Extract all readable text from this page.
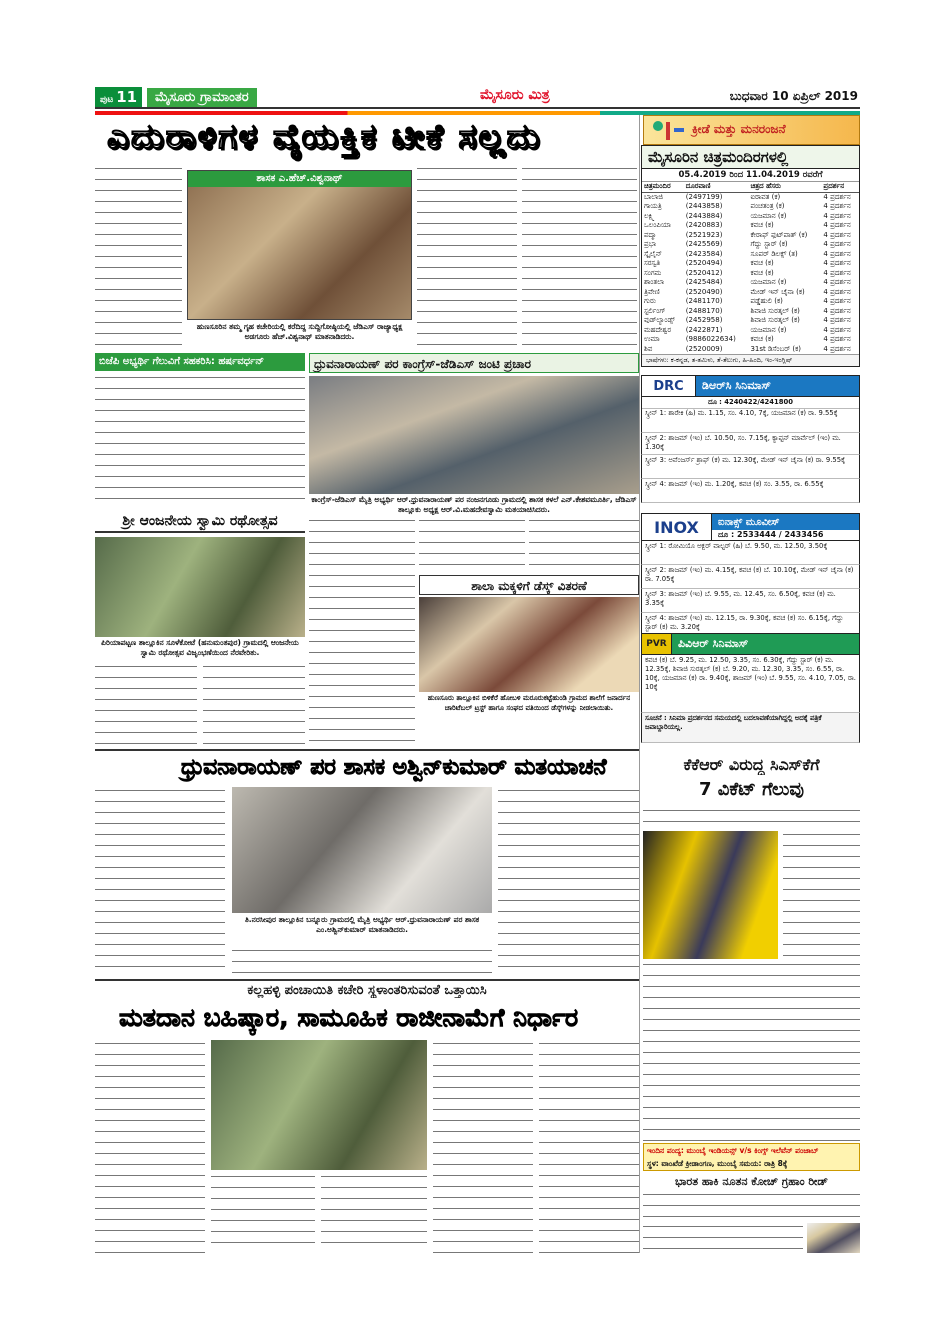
ಪುಟ 11	ಮೈಸೂರು ಗ್ರಾಮಾಂತರ	ಮೈಸೂರು ಮಿತ್ರ	ಬುಧವಾರ 10 ಏಪ್ರಿಲ್ 2019
ಎದುರಾಳಿಗಳ ವೈಯಕ್ತಿಕ ಟೀಕೆ ಸಲ್ಲದು	ಕ್ರೀಡೆ ಮತ್ತು ಮನರಂಜನೆ
ಮೈಸೂರಿನ ಚಿತ್ರಮಂದಿರಗಳಲ್ಲಿ
05.4.2019 ರಿಂದ 11.04.2019 ರವರೆಗೆ
ಚಿತ್ರಮಂದಿರ	ದೂರವಾಣಿ	ಚಿತ್ರದ ಹೆಸರು	ಪ್ರದರ್ಶನ
ಬಾಲಾಜಿ	(2497199)	ಐರಾವತ (ಕ)	4 ಪ್ರದರ್ಶನ
ಗಾಯತ್ರಿ	(2443858)	ಪಂಚತಂತ್ರ (ಕ)	4 ಪ್ರದರ್ಶನ
ಲಕ್ಷ್ಮಿ	(2443884)	ಯಜಮಾನ (ಕ)	4 ಪ್ರದರ್ಶನ
ಒಲಂಪಿಯಾ	(2420883)	ಕವಚ (ಕ)	4 ಪ್ರದರ್ಶನ
ಪದ್ಮಾ	(2521923)	ಕೇರಾಫ್ ಫುಟ್‌ಪಾತ್ (ಕ)	4 ಪ್ರದರ್ಶನ
ಪ್ರಭಾ	(2425569)	ಗೆದ್ದು ಸ್ಟಾರ್ (ಕ)	4 ಪ್ರದರ್ಶನ
ಸ್ಕೈಲೈನ್	(2423584)	ಸೂಪರ್ ಡಿಲಕ್ಸ್ (ತ)	4 ಪ್ರದರ್ಶನ
ಸರಸ್ವತಿ	(2520494)	ಕವಚ (ಕ)	4 ಪ್ರದರ್ಶನ
ಸಂಗಮ	(2520412)	ಕವಚ (ಕ)	4 ಪ್ರದರ್ಶನ
ಶಾಂತಲಾ	(2425484)	ಯಜಮಾನ (ಕ)	4 ಪ್ರದರ್ಶನ
ತ್ರಿವೇಣಿ	(2520490)	ಮೇಡ್ ಇನ್ ಚೈನಾ (ಕ)	4 ಪ್ರದರ್ಶನ
ಗುರು	(2481170)	ಪಡ್ಡೆಹುಲಿ (ಕ)	4 ಪ್ರದರ್ಶನ
ಸ್ಟರ್ಲಿಂಗ್	(2488170)	ಶಿವಾಜಿ ಸುರತ್ಕಲ್ (ಕ)	4 ಪ್ರದರ್ಶನ
ವುಡ್‌ಲ್ಯಾಂಡ್ಸ್	(2452958)	ಶಿವಾಜಿ ಸುರತ್ಕಲ್ (ಕ)	4 ಪ್ರದರ್ಶನ
ಮಹದೇಶ್ವರ	(2422871)	ಯಜಮಾನ (ಕ)	4 ಪ್ರದರ್ಶನ
ಉಮಾ	(9886022634)	ಕವಚ (ಕ)	4 ಪ್ರದರ್ಶನ
ಶಿವ	(2520009)	31st ಡಿಸೆಂಬರ್ (ಕ)	4 ಪ್ರದರ್ಶನ
ಭಾಷೆಗಳು: ಕ-ಕನ್ನಡ, ತ-ತಮಿಳು, ತೆ-ತೆಲುಗು, ಹಿ-ಹಿಂದಿ, ಇಂ-ಇಂಗ್ಲಿಷ್
DRC	ಡಿಆರ್‌ಸಿ ಸಿನಿಮಾಸ್
ದೂ : 4240422/4241800
ಸ್ಕ್ರೀನ್ 1: ಶಾರೇಕಿ (ಹಿ) ಮ. 1.15, ಸಂ. 4.10, 7ಕ್ಕೆ, ಯಜಮಾನ (ಕ) ರಾ. 9.55ಕ್ಕೆ
ಸ್ಕ್ರೀನ್ 2: ಶಾಜಮ್ (ಇಂ) ಬೆ. 10.50, ಸಂ. 7.15ಕ್ಕೆ, ಕ್ಯಾಪ್ಟನ್ ಮಾರ್ವೆಲ್ (ಇಂ) ಮ. 1.30ಕ್ಕೆ
ಸ್ಕ್ರೀನ್ 3: ಅವೆಂಜರ್ಸ್ ಶ್ರಾಫ್ (ಕ) ಮ. 12.30ಕ್ಕೆ, ಮೇಡ್ ಇನ್ ಚೈನಾ (ಕ) ರಾ. 9.55ಕ್ಕೆ
ಸ್ಕ್ರೀನ್ 4: ಶಾಜಮ್ (ಇಂ) ಮ. 1.20ಕ್ಕೆ, ಕವಚ (ಕ) ಸಂ. 3.55, ರಾ. 6.55ಕ್ಕೆ
INOX	ಐನಾಕ್ಸ್ ಮೂವೀಸ್
ದೂ : 2533444 / 2433456
ಸ್ಕ್ರೀನ್ 1: ರೋಮಿಯೊ ಅಕ್ಬರ್ ವಾಲ್ಟರ್ (ಹಿ) ಬೆ. 9.50, ಮ. 12.50, 3.50ಕ್ಕೆ
ಸ್ಕ್ರೀನ್ 2: ಶಾಜಮ್ (ಇಂ) ಮ. 4.15ಕ್ಕೆ, ಕವಚ (ಕ) ಬೆ. 10.10ಕ್ಕೆ, ಮೇಡ್ ಇನ್ ಚೈನಾ (ಕ) ರಾ. 7.05ಕ್ಕೆ
ಸ್ಕ್ರೀನ್ 3: ಶಾಜಮ್ (ಇಂ) ಬೆ. 9.55, ಮ. 12.45, ಸಂ. 6.50ಕ್ಕೆ, ಕವಚ (ಕ) ಮ. 3.35ಕ್ಕೆ
ಸ್ಕ್ರೀನ್ 4: ಶಾಜಮ್ (ಇಂ) ಮ. 12.15, ರಾ. 9.30ಕ್ಕೆ, ಕವಚ (ಕ) ಸಂ. 6.15ಕ್ಕೆ, ಗೆದ್ದು ಸ್ಟಾರ್ (ಕ) ಮ. 3.20ಕ್ಕೆ
PVR	ಪಿವಿಆರ್ ಸಿನಿಮಾಸ್
ಕವಚ (ಕ) ಬೆ. 9.25, ಮ. 12.50, 3.35, ಸಂ. 6.30ಕ್ಕೆ, ಗೆದ್ದು ಸ್ಟಾರ್ (ಕ) ಮ. 12.35ಕ್ಕೆ, ಶಿವಾಜಿ ಸುರತ್ಕಲ್ (ಕ) ಬೆ. 9.20, ಮ. 12.30, 3.35, ಸಂ. 6.55, ರಾ. 10ಕ್ಕೆ, ಯಜಮಾನ (ಕ) ರಾ. 9.40ಕ್ಕೆ, ಶಾಜಮ್ (ಇಂ) ಬೆ. 9.55, ಸಂ. 4.10, 7.05, ರಾ. 10ಕ್ಕೆ
ಸೂಚನೆ : ಸಿನಿಮಾ ಪ್ರದರ್ಶನದ ಸಮಯದಲ್ಲಿ ಬದಲಾವಣೆಯಾಗಿದ್ದಲ್ಲಿ ಅದಕ್ಕೆ ಪತ್ರಿಕೆ ಜವಾಬ್ದಾರಿಯಲ್ಲ.
ಶಾಸಕ ಎ.ಹೆಚ್.ವಿಶ್ವನಾಥ್
ಹುಣಸೂರಿನ ತಮ್ಮ ಗೃಹ ಕಚೇರಿಯಲ್ಲಿ ಕರೆದಿದ್ದ ಸುದ್ದಿಗೋಷ್ಠಿಯಲ್ಲಿ ಜೆಡಿಎಸ್ ರಾಜ್ಯಾಧ್ಯಕ್ಷ ಅಡಗೂರು ಹೆಚ್.ವಿಶ್ವನಾಥ್ ಮಾತನಾಡಿದರು.
ಬಿಜೆಪಿ ಅಭ್ಯರ್ಥಿ ಗೆಲುವಿಗೆ ಸಹಕರಿಸಿ: ಹರ್ಷವರ್ಧನ್	ಧ್ರುವನಾರಾಯಣ್ ಪರ ಕಾಂಗ್ರೆಸ್-ಜೆಡಿಎಸ್ ಜಂಟಿ ಪ್ರಚಾರ
ಕಾಂಗ್ರೆಸ್-ಜೆಡಿಎಸ್ ಮೈತ್ರಿ ಅಭ್ಯರ್ಥಿ ಆರ್.ಧ್ರುವನಾರಾಯಣ್ ಪರ ನಂಜನಗೂಡು ಗ್ರಾಮದಲ್ಲಿ ಶಾಸಕ ಕಳಲೆ ಎನ್.ಕೇಶವಮೂರ್ತಿ, ಜೆಡಿಎಸ್ ತಾಲ್ಲೂಕು ಅಧ್ಯಕ್ಷ ಆರ್.ವಿ.ಮಹದೇವಸ್ವಾಮಿ ಮತಯಾಚಿಸಿದರು.
ಶ್ರೀ ಆಂಜನೇಯ ಸ್ವಾಮಿ ರಥೋತ್ಸವ
ಪಿರಿಯಾಪಟ್ಟಣ ತಾಲ್ಲೂಕಿನ ಸೂಳೆಕೋಟೆ (ಹನುಮಂತಪುರ) ಗ್ರಾಮದಲ್ಲಿ ಆಂಜನೇಯ ಸ್ವಾಮಿ ರಥೋತ್ಸವ ವಿಜೃಂಭಣೆಯಿಂದ ನೆರವೇರಿತು.
ಶಾಲಾ ಮಕ್ಕಳಿಗೆ ಡೆಸ್ಕ್ ವಿತರಣೆ
ಹುಣಸೂರು ತಾಲ್ಲೂಕಿನ ಬಿಳಿಕೆರೆ ಹೋಬಳಿ ಮರೂರುಕಟ್ಟೆಹುಂಡಿ ಗ್ರಾಮದ ಶಾಲೆಗೆ ಜನಾರ್ದನ ಚಾರಿಟೆಬಲ್ ಟ್ರಸ್ಟ್ ಹಾಗೂ ಸಂಘದ ವತಿಯಿಂದ ಡೆಸ್ಕ್‌ಗಳನ್ನು ನೀಡಲಾಯಿತು.
ಧ್ರುವನಾರಾಯಣ್ ಪರ ಶಾಸಕ ಅಶ್ವಿನ್‌ಕುಮಾರ್ ಮತಯಾಚನೆ
ತಿ.ನರಸೀಪುರ ತಾಲ್ಲೂಕಿನ ಬನ್ನೂರು ಗ್ರಾಮದಲ್ಲಿ ಮೈತ್ರಿ ಅಭ್ಯರ್ಥಿ ಆರ್.ಧ್ರುವನಾರಾಯಣ್ ಪರ ಶಾಸಕ ಎಂ.ಅಶ್ವಿನ್‌ಕುಮಾರ್ ಮಾತನಾಡಿದರು.
ಕೆಕೆಆರ್ ವಿರುದ್ಧ ಸಿಎಸ್‌ಕೆಗೆ
7 ವಿಕೆಟ್ ಗೆಲುವು
ಇಂದಿನ ಪಂದ್ಯ: ಮುಂಬೈ ಇಂಡಿಯನ್ಸ್ v/s ಕಿಂಗ್ಸ್ ಇಲೆವೆನ್ ಪಂಜಾಬ್
ಸ್ಥಳ: ವಾಂಖೆಡೆ ಕ್ರೀಡಾಂಗಣ, ಮುಂಬೈ ಸಮಯ: ರಾತ್ರಿ 8ಕ್ಕೆ
ಭಾರತ ಹಾಕಿ ನೂತನ ಕೋಚ್ ಗ್ರಹಾಂ ರೀಡ್
ಕಲ್ಲಹಳ್ಳಿ ಪಂಚಾಯಿತಿ ಕಚೇರಿ ಸ್ಥಳಾಂತರಿಸುವಂತೆ ಒತ್ತಾಯಿಸಿ
ಮತದಾನ ಬಹಿಷ್ಕಾರ, ಸಾಮೂಹಿಕ ರಾಜೀನಾಮೆಗೆ ನಿರ್ಧಾರ
